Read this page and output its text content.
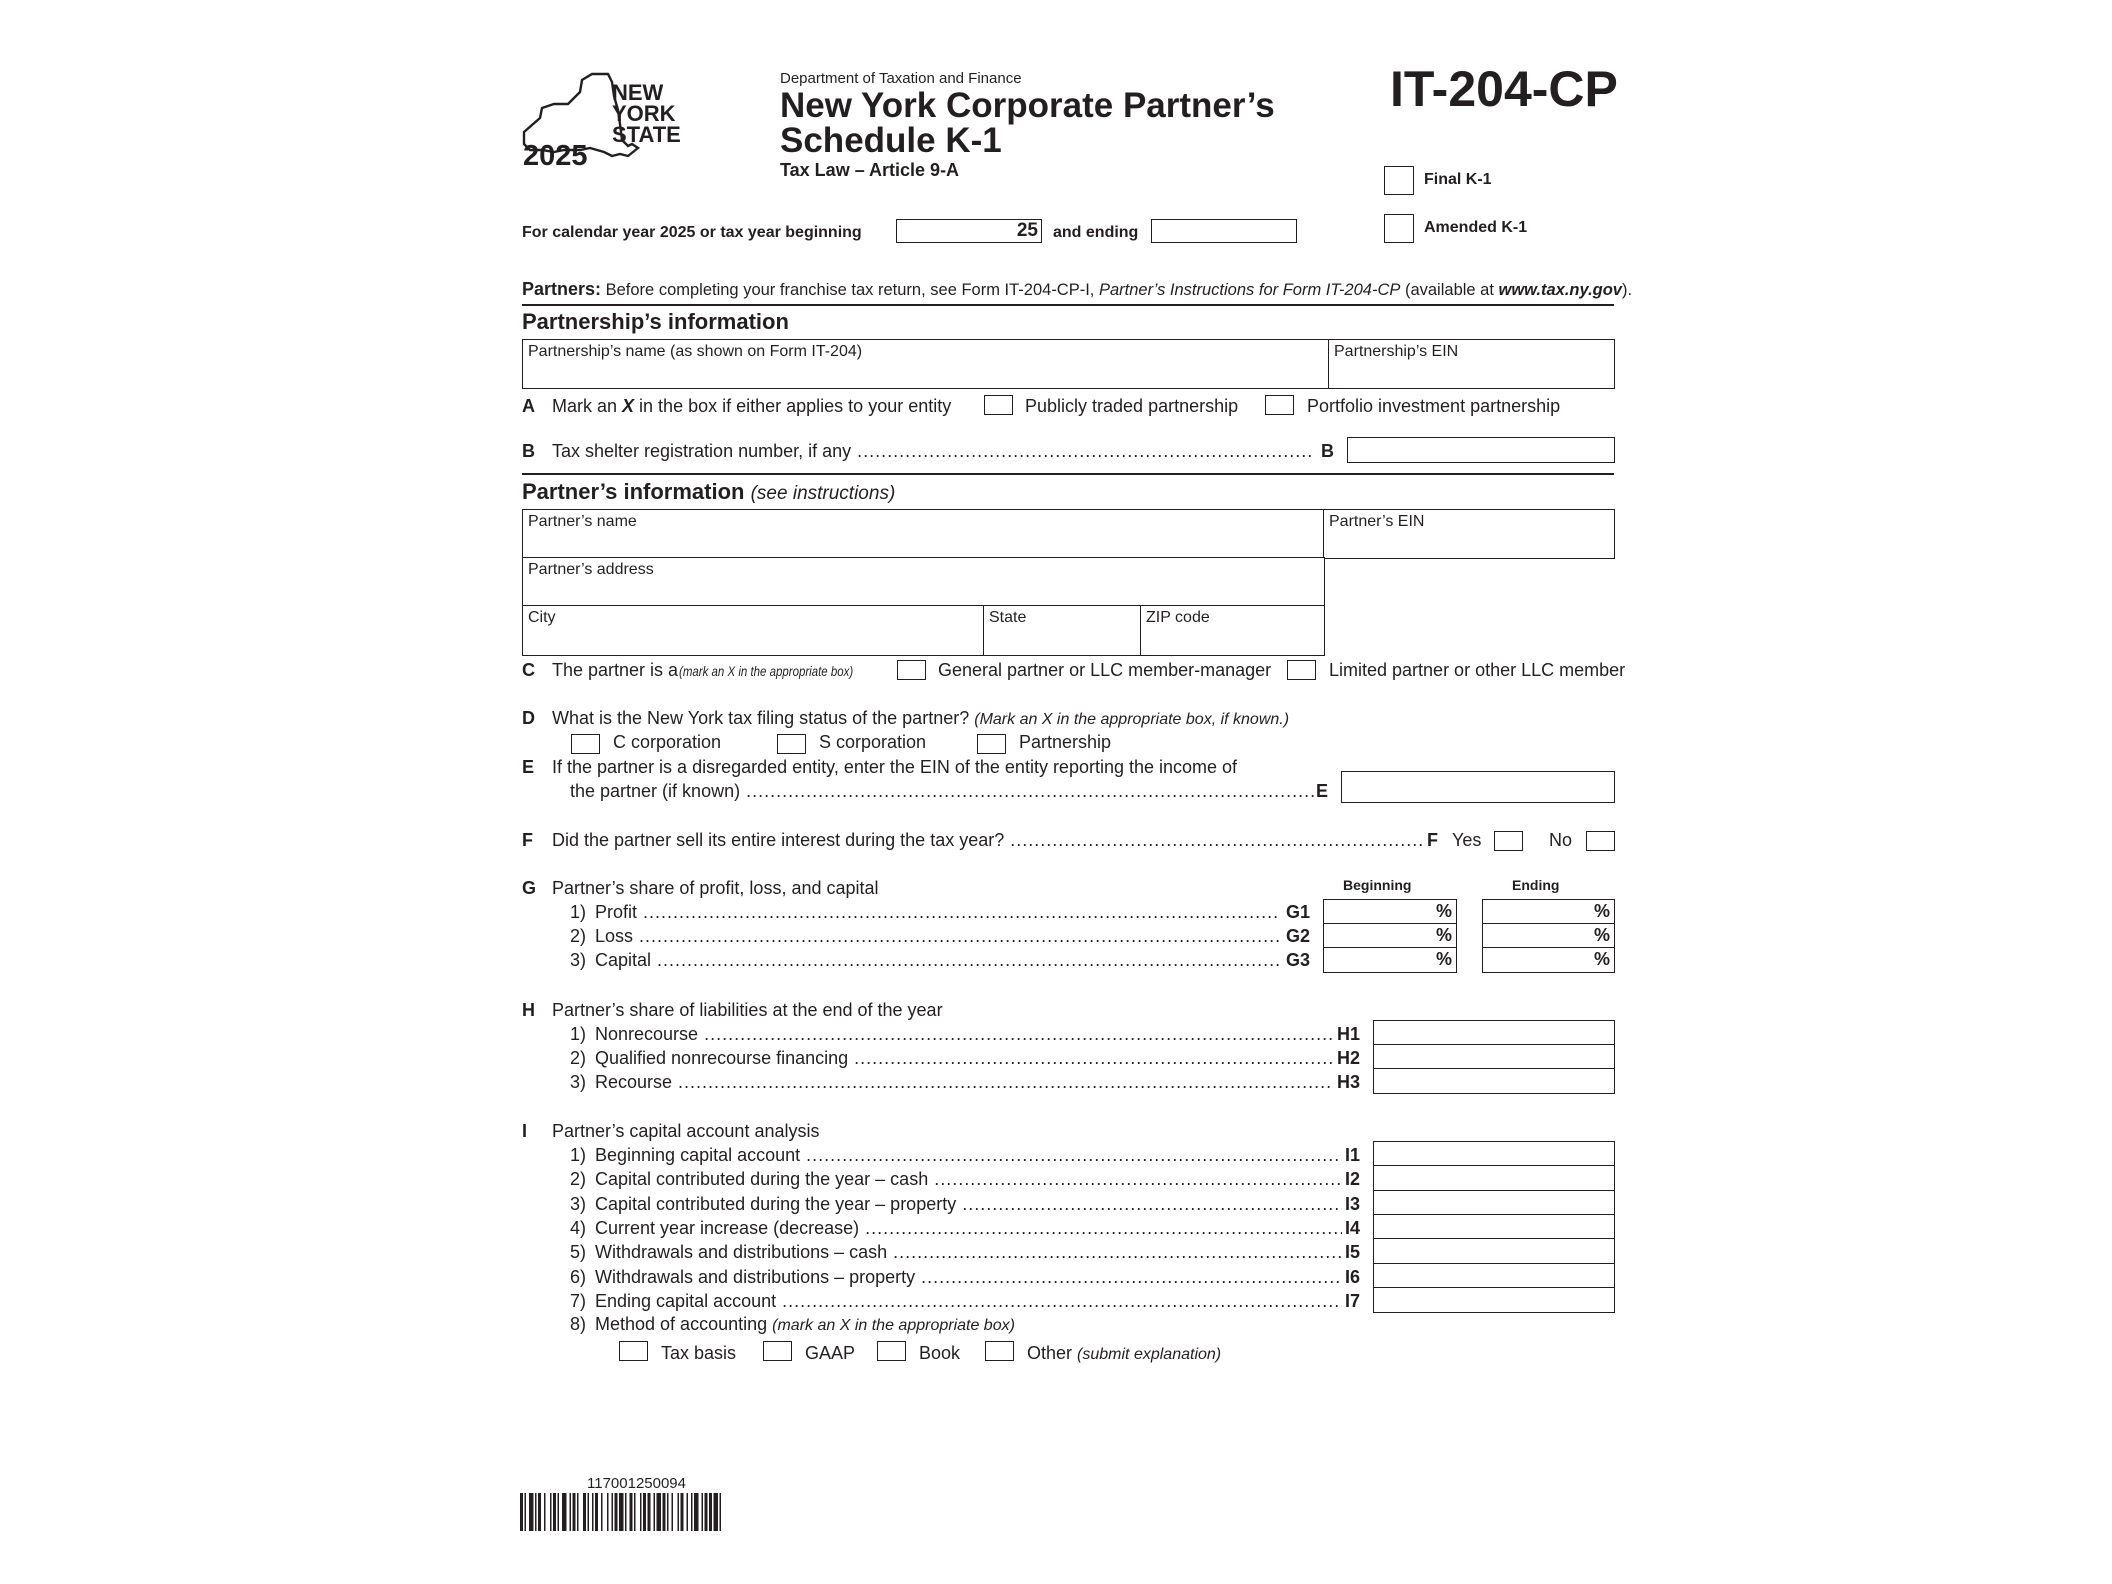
NEW
YORK
STATE
2025
Department of Taxation and Finance
New York Corporate Partner’s
Schedule K-1
Tax Law – Article 9-A
IT-204-CP
Final K-1
Amended K-1
For calendar year 2025 or tax year beginning	25 and ending
Partners: Before completing your franchise tax return, see Form IT-204-CP-I, Partner’s Instructions for Form IT-204-CP (available at www.tax.ny.gov).
Partnership’s information
Partnership’s name (as shown on Form IT-204)	Partnership’s EIN
A Mark an X in the box if either applies to your entity	Publicly traded partnership	Portfolio investment partnership
B Tax shelter registration number, if any .....	B
Partner’s information (see instructions)
Partner’s name	Partner’s EIN
Partner’s address
City	State	ZIP code
C The partner is a (mark an X in the appropriate box)	General partner or LLC member-manager	Limited partner or other LLC member
D What is the New York tax filing status of the partner? (Mark an X in the appropriate box, if known.)
C corporation	S corporation	Partnership
E If the partner is a disregarded entity, enter the EIN of the entity reporting the income of
the partner (if known) .....	E
F Did the partner sell its entire interest during the tax year? .....	F Yes	No
G Partner’s share of profit, loss, and capital	Beginning	Ending
1) Profit .....	G1	%	%
2) Loss .....	G2	%	%
3) Capital .....	G3	%	%
H Partner’s share of liabilities at the end of the year
1) Nonrecourse .....	H1
2) Qualified nonrecourse financing .....	H2
3) Recourse .....	H3
I Partner’s capital account analysis
1) Beginning capital account .....	I1
2) Capital contributed during the year – cash .....	I2
3) Capital contributed during the year – property .....	I3
4) Current year increase (decrease) .....	I4
5) Withdrawals and distributions – cash .....	I5
6) Withdrawals and distributions – property .....	I6
7) Ending capital account .....	I7
8) Method of accounting (mark an X in the appropriate box)
Tax basis	GAAP	Book	Other (submit explanation)
117001250094
